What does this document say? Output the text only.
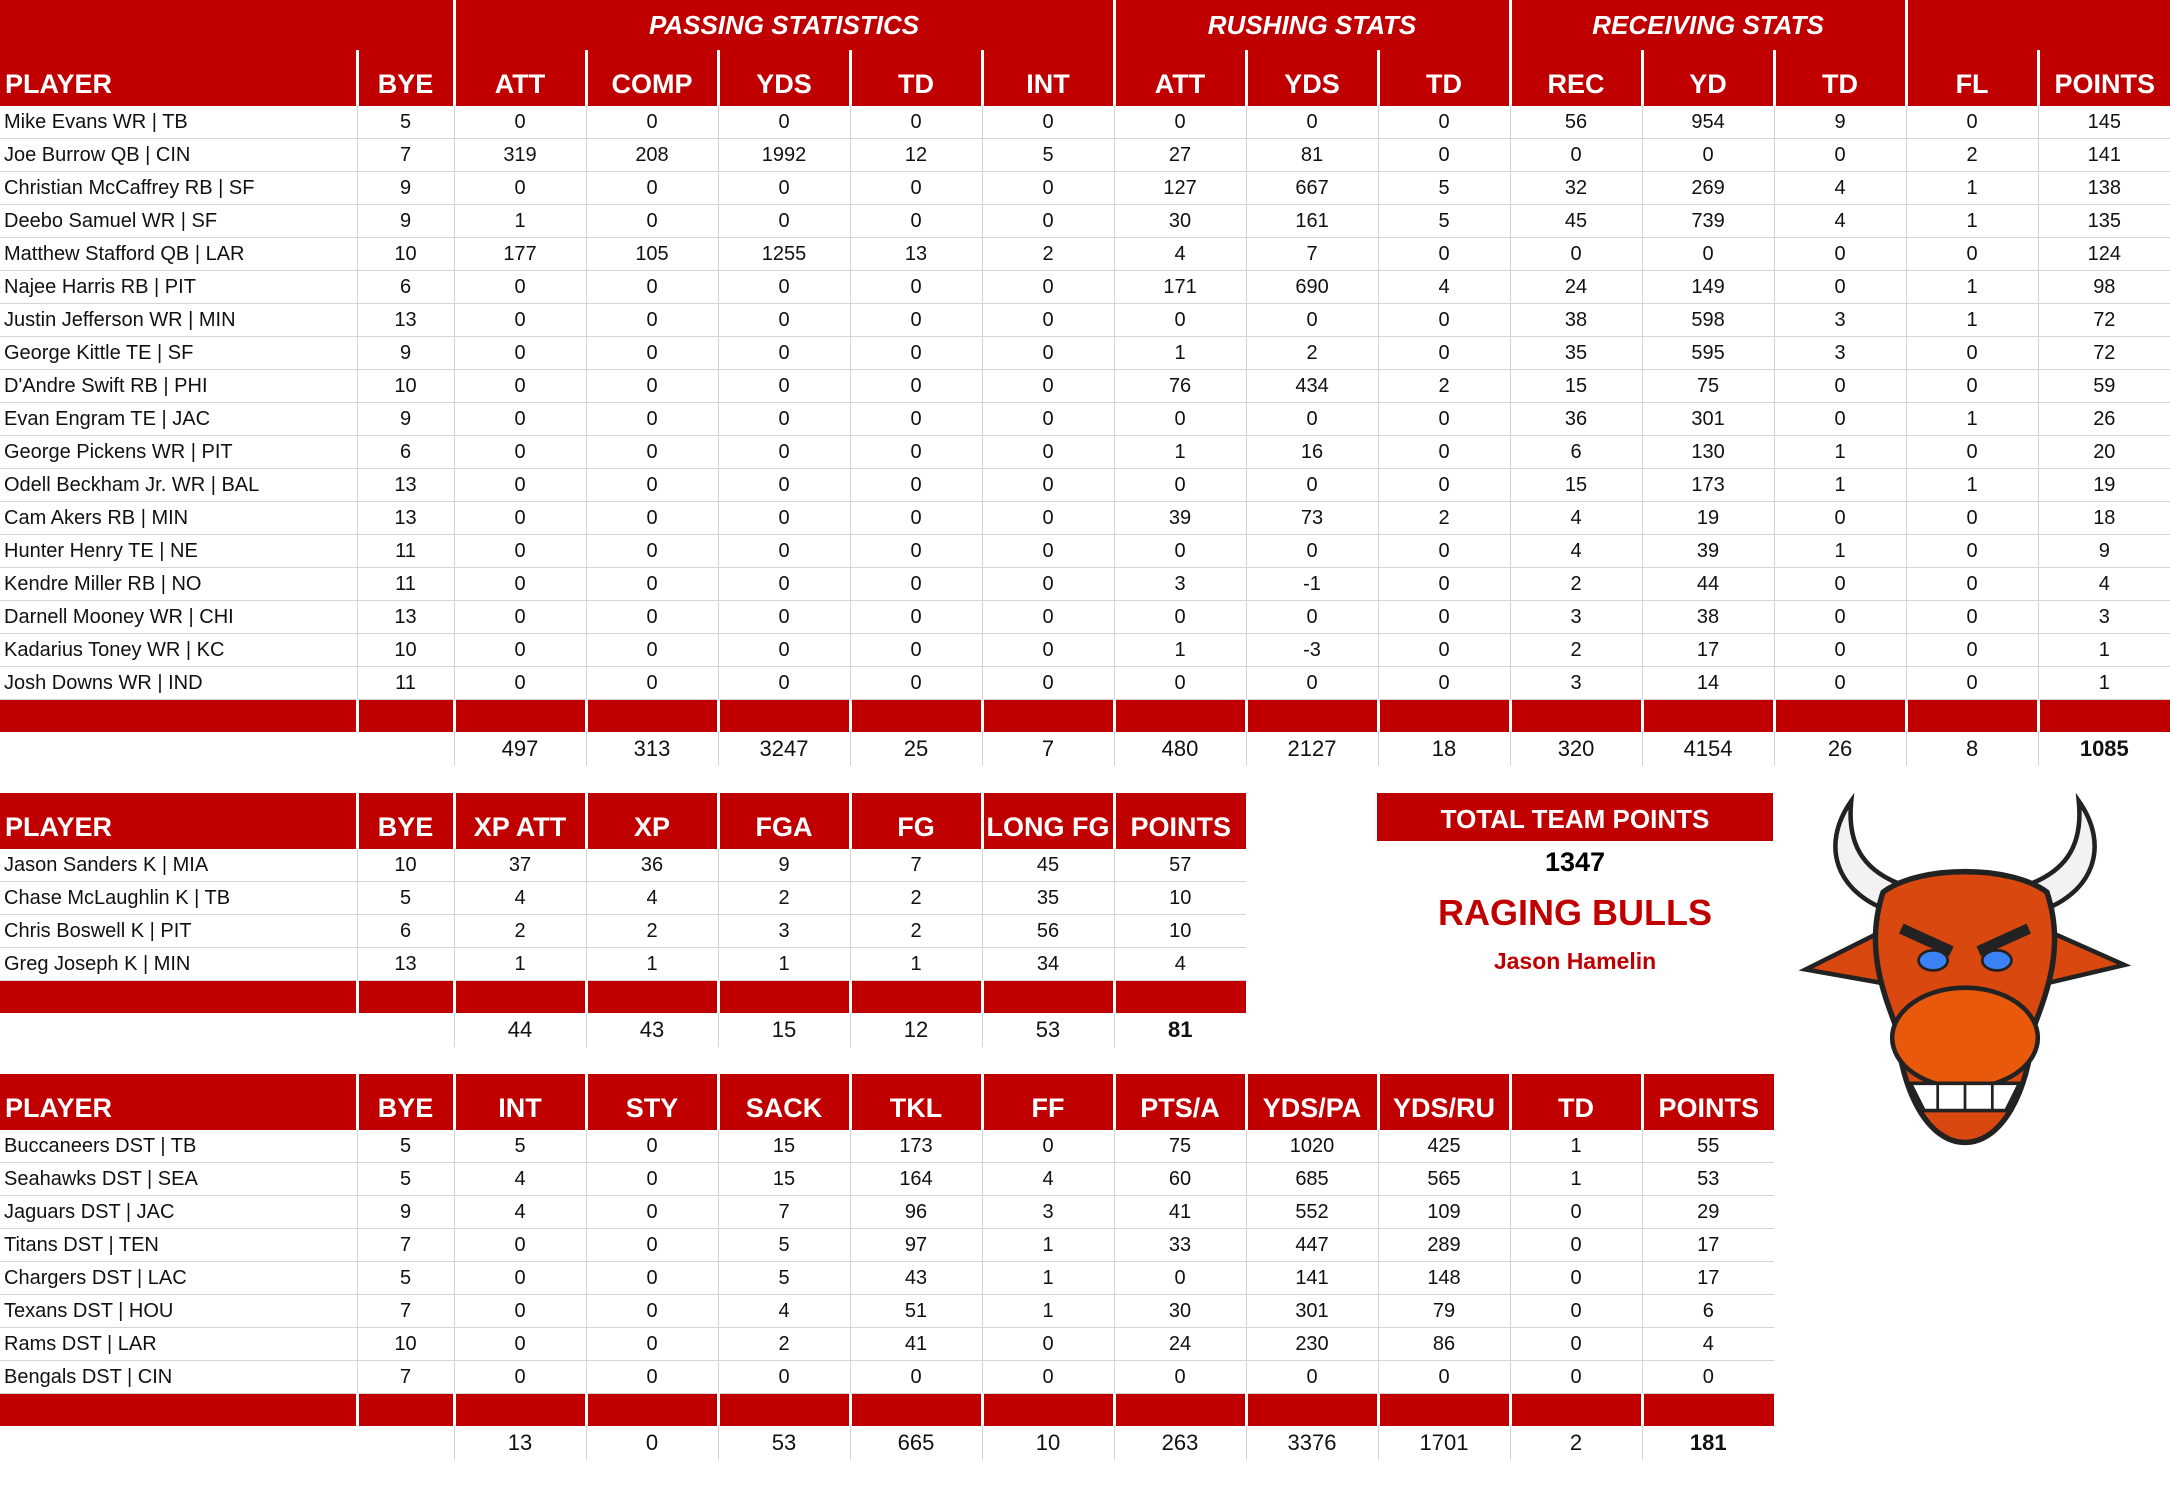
		PASSING STATISTICS					RUSHING STATS			RECEIVING STATS				
PLAYER	BYE	ATT	COMP	YDS	TD	INT	ATT	YDS	TD	REC	YD	TD	FL	POINTS
Mike Evans WR | TB	5	0	0	0	0	0	0	0	0	56	954	9	0	145
Joe Burrow QB | CIN	7	319	208	1992	12	5	27	81	0	0	0	0	2	141
Christian McCaffrey RB | SF	9	0	0	0	0	0	127	667	5	32	269	4	1	138
Deebo Samuel WR | SF	9	1	0	0	0	0	30	161	5	45	739	4	1	135
Matthew Stafford QB | LAR	10	177	105	1255	13	2	4	7	0	0	0	0	0	124
Najee Harris RB | PIT	6	0	0	0	0	0	171	690	4	24	149	0	1	98
Justin Jefferson WR | MIN	13	0	0	0	0	0	0	0	0	38	598	3	1	72
George Kittle TE | SF	9	0	0	0	0	0	1	2	0	35	595	3	0	72
D'Andre Swift RB | PHI	10	0	0	0	0	0	76	434	2	15	75	0	0	59
Evan Engram TE | JAC	9	0	0	0	0	0	0	0	0	36	301	0	1	26
George Pickens WR | PIT	6	0	0	0	0	0	1	16	0	6	130	1	0	20
Odell Beckham Jr. WR | BAL	13	0	0	0	0	0	0	0	0	15	173	1	1	19
Cam Akers RB | MIN	13	0	0	0	0	0	39	73	2	4	19	0	0	18
Hunter Henry TE | NE	11	0	0	0	0	0	0	0	0	4	39	1	0	9
Kendre Miller RB | NO	11	0	0	0	0	0	3	-1	0	2	44	0	0	4
Darnell Mooney WR | CHI	13	0	0	0	0	0	0	0	0	3	38	0	0	3
Kadarius Toney WR | KC	10	0	0	0	0	0	1	-3	0	2	17	0	0	1
Josh Downs WR | IND	11	0	0	0	0	0	0	0	0	3	14	0	0	1

		497	313	3247	25	7	480	2127	18	320	4154	26	8	1085
PLAYER	BYE	XP ATT	XP	FGA	FG	LONG FG	POINTS
Jason Sanders K | MIA	10	37	36	9	7	45	57
Chase McLaughlin K | TB	5	4	4	2	2	35	10
Chris Boswell K | PIT	6	2	2	3	2	56	10
Greg Joseph K | MIN	13	1	1	1	1	34	4

		44	43	15	12	53	81
PLAYER	BYE	INT	STY	SACK	TKL	FF	PTS/A	YDS/PA	YDS/RU	TD	POINTS
Buccaneers DST | TB	5	5	0	15	173	0	75	1020	425	1	55
Seahawks DST | SEA	5	4	0	15	164	4	60	685	565	1	53
Jaguars DST | JAC	9	4	0	7	96	3	41	552	109	0	29
Titans DST | TEN	7	0	0	5	97	1	33	447	289	0	17
Chargers DST | LAC	5	0	0	5	43	1	0	141	148	0	17
Texans DST | HOU	7	0	0	4	51	1	30	301	79	0	6
Rams DST | LAR	10	0	0	2	41	0	24	230	86	0	4
Bengals DST | CIN	7	0	0	0	0	0	0	0	0	0	0

		13	0	53	665	10	263	3376	1701	2	181
TOTAL TEAM POINTS
1347
RAGING BULLS
Jason Hamelin
